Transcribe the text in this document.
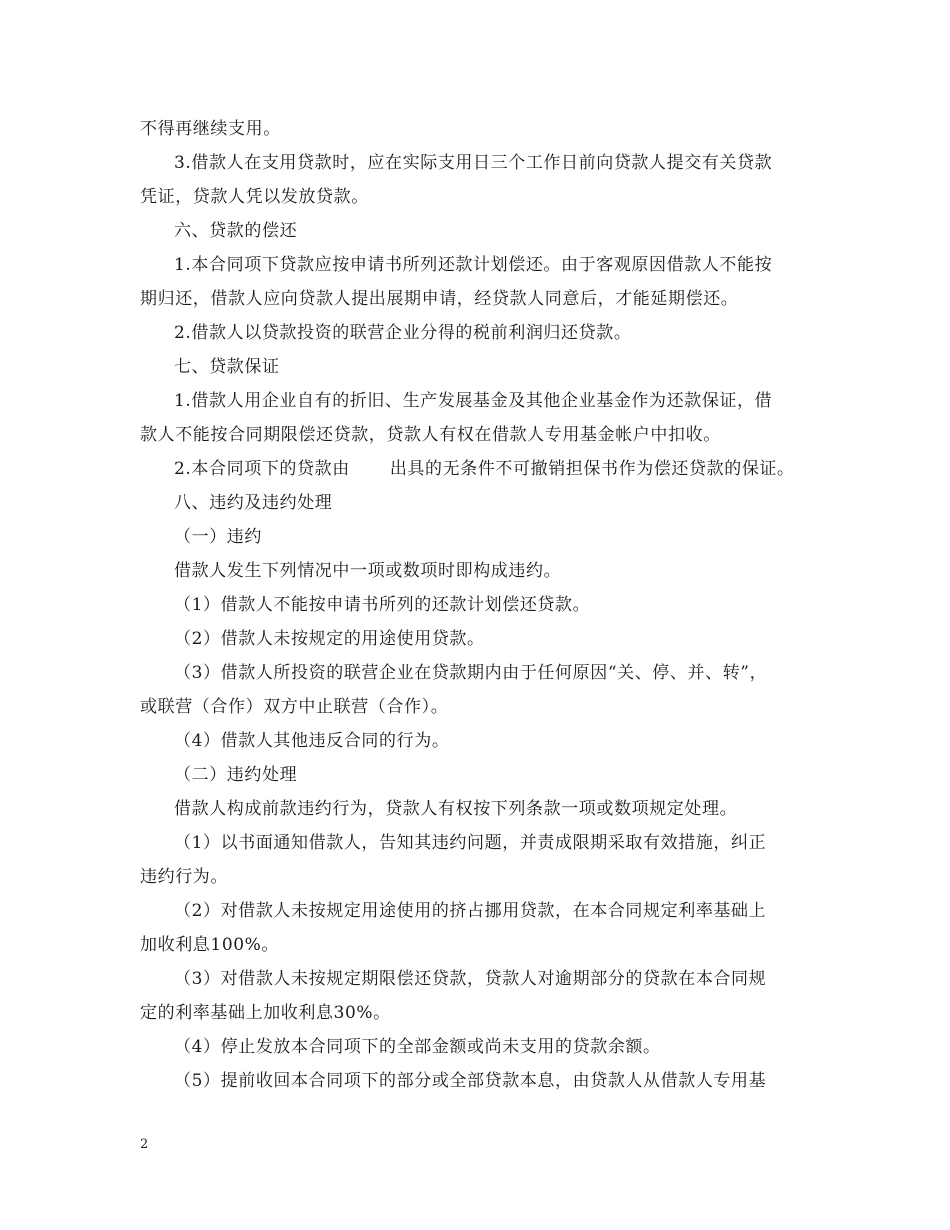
不得再继续支用。
3.借款人在支用贷款时，应在实际支用日三个工作日前向贷款人提交有关贷款
凭证，贷款人凭以发放贷款。
六、贷款的偿还
1.本合同项下贷款应按申请书所列还款计划偿还。由于客观原因借款人不能按
期归还，借款人应向贷款人提出展期申请，经贷款人同意后，才能延期偿还。
2.借款人以贷款投资的联营企业分得的税前利润归还贷款。
七、贷款保证
1.借款人用企业自有的折旧、生产发展基金及其他企业基金作为还款保证，借
款人不能按合同期限偿还贷款，贷款人有权在借款人专用基金帐户中扣收。
2.本合同项下的贷款由 出具的无条件不可撤销担保书作为偿还贷款的保证。
八、违约及违约处理
（一）违约
借款人发生下列情况中一项或数项时即构成违约。
（1）借款人不能按申请书所列的还款计划偿还贷款。
（2）借款人未按规定的用途使用贷款。
（3）借款人所投资的联营企业在贷款期内由于任何原因“关、停、并、转”，
或联营（合作）双方中止联营（合作）。
（4）借款人其他违反合同的行为。
（二）违约处理
借款人构成前款违约行为，贷款人有权按下列条款一项或数项规定处理。
（1）以书面通知借款人，告知其违约问题，并责成限期采取有效措施，纠正
违约行为。
（2）对借款人未按规定用途使用的挤占挪用贷款，在本合同规定利率基础上
加收利息100%。
（3）对借款人未按规定期限偿还贷款，贷款人对逾期部分的贷款在本合同规
定的利率基础上加收利息30%。
（4）停止发放本合同项下的全部金额或尚未支用的贷款余额。
（5）提前收回本合同项下的部分或全部贷款本息，由贷款人从借款人专用基
2
